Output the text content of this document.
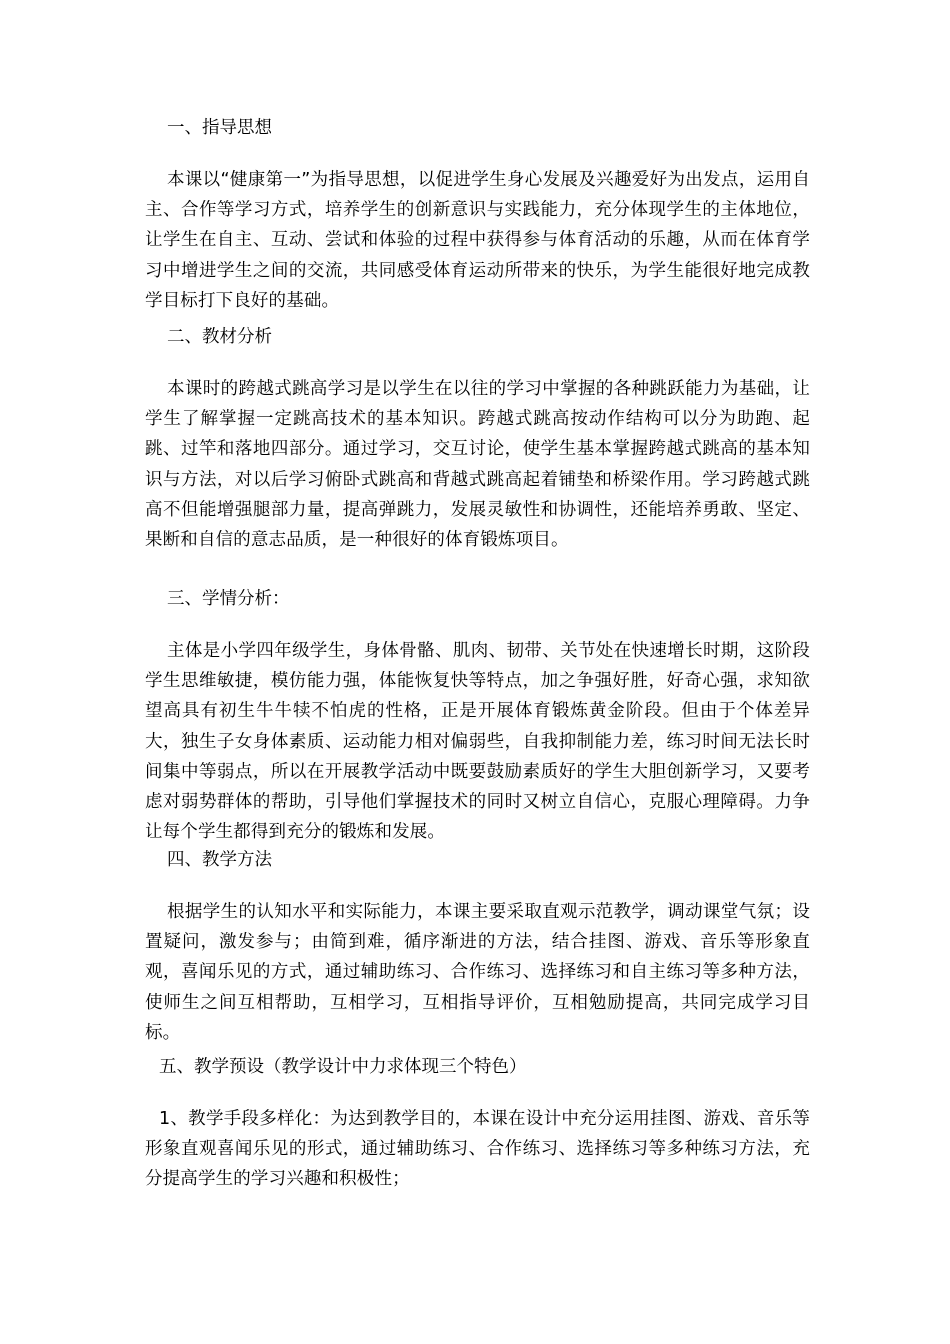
一、指导思想
本课以“健康第一”为指导思想，以促进学生身心发展及兴趣爱好为出发点，运用自主、合作等学习方式，培养学生的创新意识与实践能力，充分体现学生的主体地位，让学生在自主、互动、尝试和体验的过程中获得参与体育活动的乐趣，从而在体育学习中增进学生之间的交流，共同感受体育运动所带来的快乐，为学生能很好地完成教学目标打下良好的基础。
二、教材分析
本课时的跨越式跳高学习是以学生在以往的学习中掌握的各种跳跃能力为基础，让学生了解掌握一定跳高技术的基本知识。跨越式跳高按动作结构可以分为助跑、起跳、过竿和落地四部分。通过学习，交互讨论，使学生基本掌握跨越式跳高的基本知识与方法，对以后学习俯卧式跳高和背越式跳高起着铺垫和桥梁作用。学习跨越式跳高不但能增强腿部力量，提高弹跳力，发展灵敏性和协调性，还能培养勇敢、坚定、果断和自信的意志品质，是一种很好的体育锻炼项目。
三、学情分析：
主体是小学四年级学生，身体骨骼、肌肉、韧带、关节处在快速增长时期，这阶段学生思维敏捷，模仿能力强，体能恢复快等特点，加之争强好胜，好奇心强，求知欲望高具有初生牛牛犊不怕虎的性格，正是开展体育锻炼黄金阶段。但由于个体差异大，独生子女身体素质、运动能力相对偏弱些，自我抑制能力差，练习时间无法长时间集中等弱点，所以在开展教学活动中既要鼓励素质好的学生大胆创新学习，又要考虑对弱势群体的帮助，引导他们掌握技术的同时又树立自信心，克服心理障碍。力争让每个学生都得到充分的锻炼和发展。
四、教学方法
根据学生的认知水平和实际能力，本课主要采取直观示范教学，调动课堂气氛；设置疑问，激发参与；由简到难，循序渐进的方法，结合挂图、游戏、音乐等形象直观，喜闻乐见的方式，通过辅助练习、合作练习、选择练习和自主练习等多种方法，使师生之间互相帮助，互相学习，互相指导评价，互相勉励提高，共同完成学习目标。
五、教学预设（教学设计中力求体现三个特色）
1、教学手段多样化：为达到教学目的，本课在设计中充分运用挂图、游戏、音乐等形象直观喜闻乐见的形式，通过辅助练习、合作练习、选择练习等多种练习方法，充分提高学生的学习兴趣和积极性；
